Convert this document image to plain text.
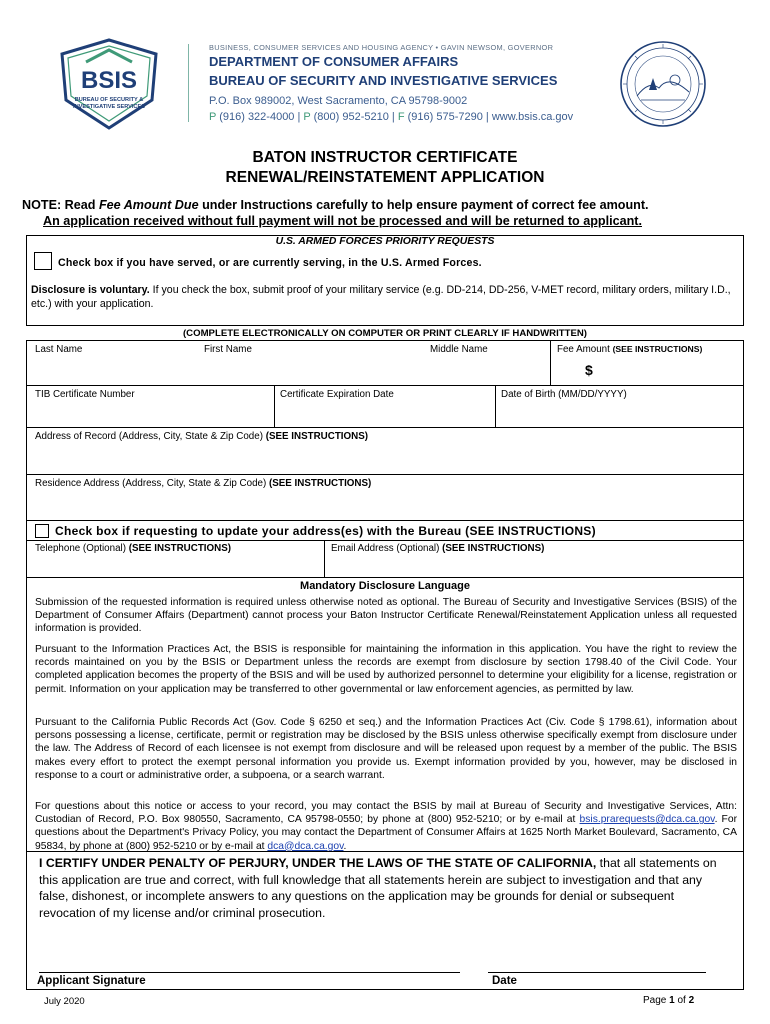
BSIS
BUREAU OF SECURITY &
INVESTIGATIVE SERVICES
BUSINESS, CONSUMER SERVICES AND HOUSING AGENCY • GAVIN NEWSOM, GOVERNOR
DEPARTMENT OF CONSUMER AFFAIRS
BUREAU OF SECURITY AND INVESTIGATIVE SERVICES
P.O. Box 989002, West Sacramento, CA 95798-9002
P (916) 322-4000 | P (800) 952-5210 | F (916) 575-7290 | www.bsis.ca.gov
BATON INSTRUCTOR CERTIFICATE
RENEWAL/REINSTATEMENT APPLICATION
NOTE: Read Fee Amount Due under Instructions carefully to help ensure payment of correct fee amount.
An application received without full payment will not be processed and will be returned to applicant.
U.S. ARMED FORCES PRIORITY REQUESTS
Check box if you have served, or are currently serving, in the U.S. Armed Forces.
Disclosure is voluntary. If you check the box, submit proof of your military service (e.g. DD-214, DD-256, V-MET record, military orders, military I.D., etc.) with your application.
(COMPLETE ELECTRONICALLY ON COMPUTER OR PRINT CLEARLY IF HANDWRITTEN)
Last Name	First Name	Middle Name	Fee Amount (SEE INSTRUCTIONS)
$
TIB Certificate Number	Certificate Expiration Date	Date of Birth (MM/DD/YYYY)
Address of Record (Address, City, State & Zip Code) (SEE INSTRUCTIONS)
Residence Address (Address, City, State & Zip Code) (SEE INSTRUCTIONS)
Check box if requesting to update your address(es) with the Bureau (SEE INSTRUCTIONS)
Telephone (Optional) (SEE INSTRUCTIONS)	Email Address (Optional) (SEE INSTRUCTIONS)
Mandatory Disclosure Language
Submission of the requested information is required unless otherwise noted as optional. The Bureau of Security and Investigative Services (BSIS) of the Department of Consumer Affairs (Department) cannot process your Baton Instructor Certificate Renewal/Reinstatement Application unless all requested information is provided.
Pursuant to the Information Practices Act, the BSIS is responsible for maintaining the information in this application. You have the right to review the records maintained on you by the BSIS or Department unless the records are exempt from disclosure by section 1798.40 of the Civil Code. Your completed application becomes the property of the BSIS and will be used by authorized personnel to determine your eligibility for a license, registration or permit. Information on your application may be transferred to other governmental or law enforcement agencies, as permitted by law.
Pursuant to the California Public Records Act (Gov. Code § 6250 et seq.) and the Information Practices Act (Civ. Code § 1798.61), information about persons possessing a license, certificate, permit or registration may be disclosed by the BSIS unless otherwise specifically exempt from disclosure under the law. The Address of Record of each licensee is not exempt from disclosure and will be released upon request by a member of the public. The BSIS makes every effort to protect the exempt personal information you provide us. Exempt information provided by you, however, may be disclosed in response to a court or administrative order, a subpoena, or a search warrant.
For questions about this notice or access to your record, you may contact the BSIS by mail at Bureau of Security and Investigative Services, Attn: Custodian of Record, P.O. Box 980550, Sacramento, CA 95798-0550; by phone at (800) 952-5210; or by e-mail at bsis.prarequests@dca.ca.gov. For questions about the Department's Privacy Policy, you may contact the Department of Consumer Affairs at 1625 North Market Boulevard, Sacramento, CA 95834, by phone at (800) 952-5210 or by e-mail at dca@dca.ca.gov.
I CERTIFY UNDER PENALTY OF PERJURY, UNDER THE LAWS OF THE STATE OF CALIFORNIA, that all statements on this application are true and correct, with full knowledge that all statements herein are subject to investigation and that any false, dishonest, or incomplete answers to any questions on the application may be grounds for denial or subsequent revocation of my license and/or criminal prosecution.
Applicant Signature	Date
July 2020	Page 1 of 2
